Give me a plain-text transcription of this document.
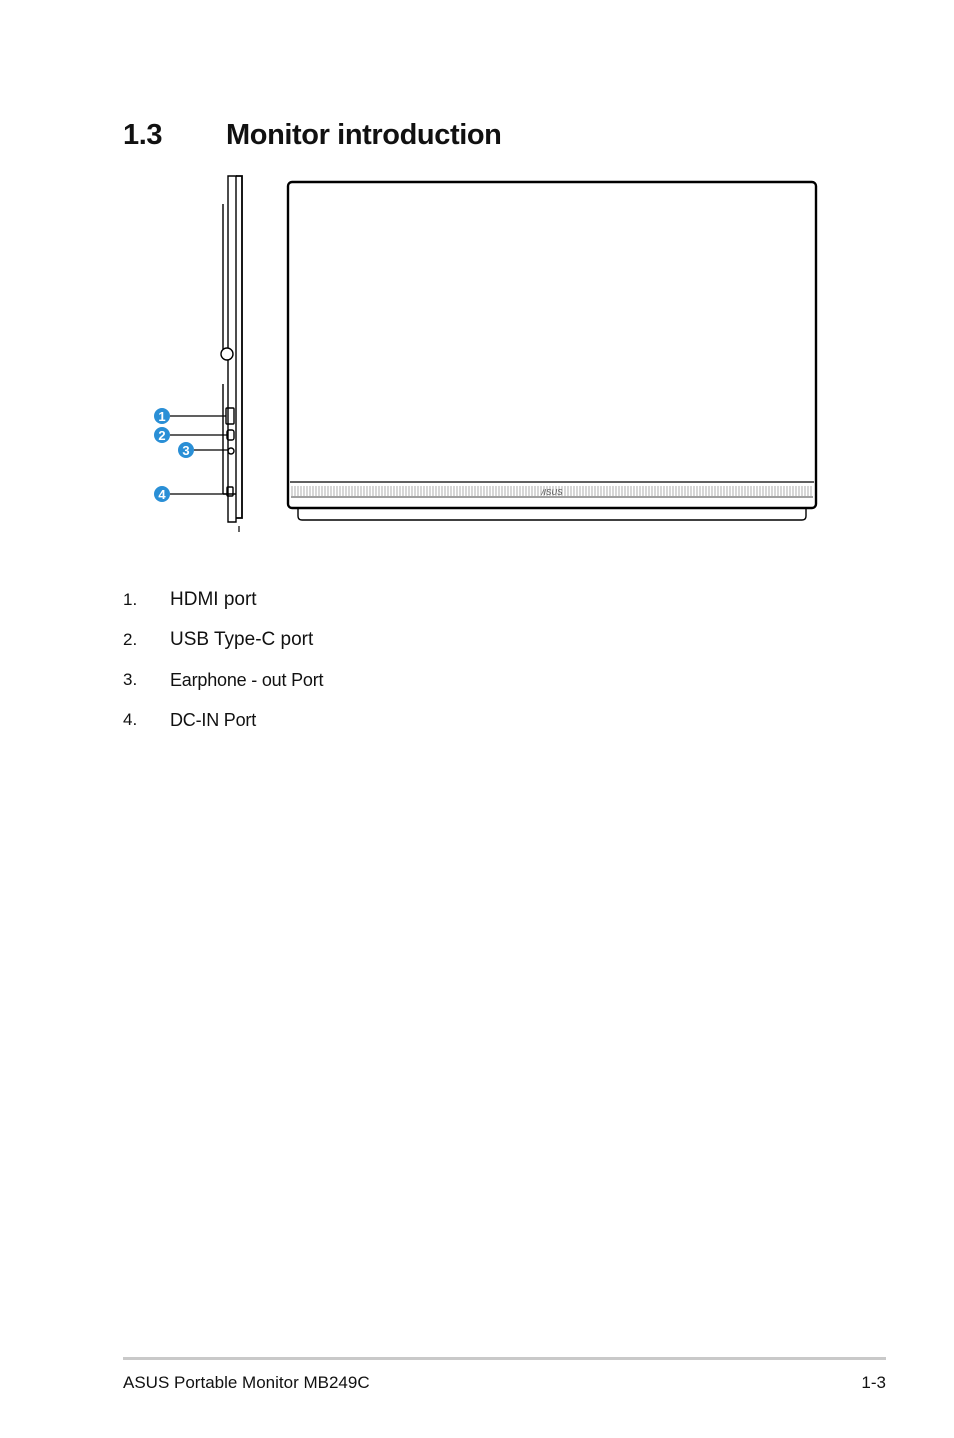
1.3 Monitor introduction
1
2
3
4	/ISUS
1. HDMI port
2. USB Type-C port
3. Earphone - out Port
4. DC-IN Port
ASUS Portable Monitor MB249C	1-3
